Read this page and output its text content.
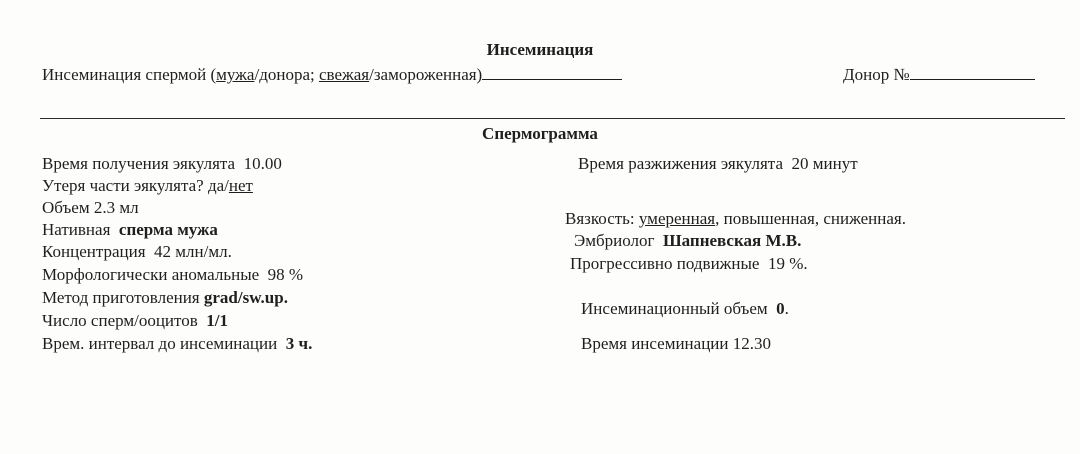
Инсеминация
Инсеминация спермой (мужа/донора; свежая/замороженная)	Донор №
Спермограмма
Время получения эякулята 10.00
Утеря части эякулята? да/нет
Объем 2.3 мл
Нативная сперма мужа
Концентрация 42 млн/мл.
Морфологически аномальные 98 %
Метод приготовления grad/sw.up.
Число сперм/ооцитов 1/1
Врем. интервал до инсеминации 3 ч.
Время разжижения эякулята 20 минут
Вязкость: умеренная, повышенная, сниженная.
Эмбриолог Шапневская М.В.
Прогрессивно подвижные 19 %.
Инсеминационный объем 0.
Время инсеминации 12.30
